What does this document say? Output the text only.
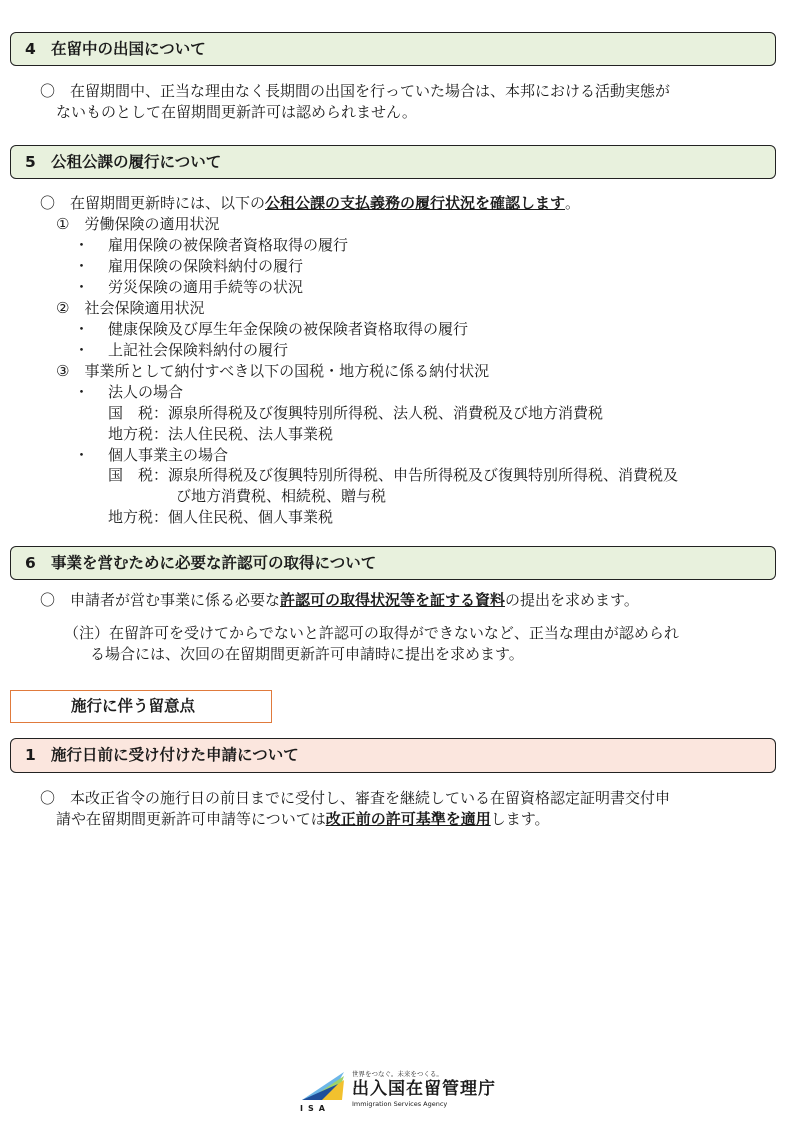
4 在留中の出国について
〇　在留期間中、正当な理由なく長期間の出国を行っていた場合は、本邦における活動実態が
ないものとして在留期間更新許可は認められません。
5 公租公課の履行について
〇　在留期間更新時には、以下の公租公課の支払義務の履行状況を確認します。
①　労働保険の適用状況
・ 雇用保険の被保険者資格取得の履行
・ 雇用保険の保険料納付の履行
・ 労災保険の適用手続等の状況
②　社会保険適用状況
・ 健康保険及び厚生年金保険の被保険者資格取得の履行
・ 上記社会保険料納付の履行
③　事業所として納付すべき以下の国税・地方税に係る納付状況
・ 法人の場合
国　税：源泉所得税及び復興特別所得税、法人税、消費税及び地方消費税
地方税：法人住民税、法人事業税
・ 個人事業主の場合
国　税：源泉所得税及び復興特別所得税、申告所得税及び復興特別所得税、消費税及
び地方消費税、相続税、贈与税
地方税：個人住民税、個人事業税
6 事業を営むために必要な許認可の取得について
〇　申請者が営む事業に係る必要な許認可の取得状況等を証する資料の提出を求めます。
（注）在留許可を受けてからでないと許認可の取得ができないなど、正当な理由が認められ
る場合には、次回の在留期間更新許可申請時に提出を求めます。
施行に伴う留意点
1 施行日前に受け付けた申請について
〇　本改正省令の施行日の前日までに受付し、審査を継続している在留資格認定証明書交付申
請や在留期間更新許可申請等については改正前の許可基準を適用します。
ISA
世界をつなぐ。未来をつくる。
出入国在留管理庁
Immigration Services Agency
